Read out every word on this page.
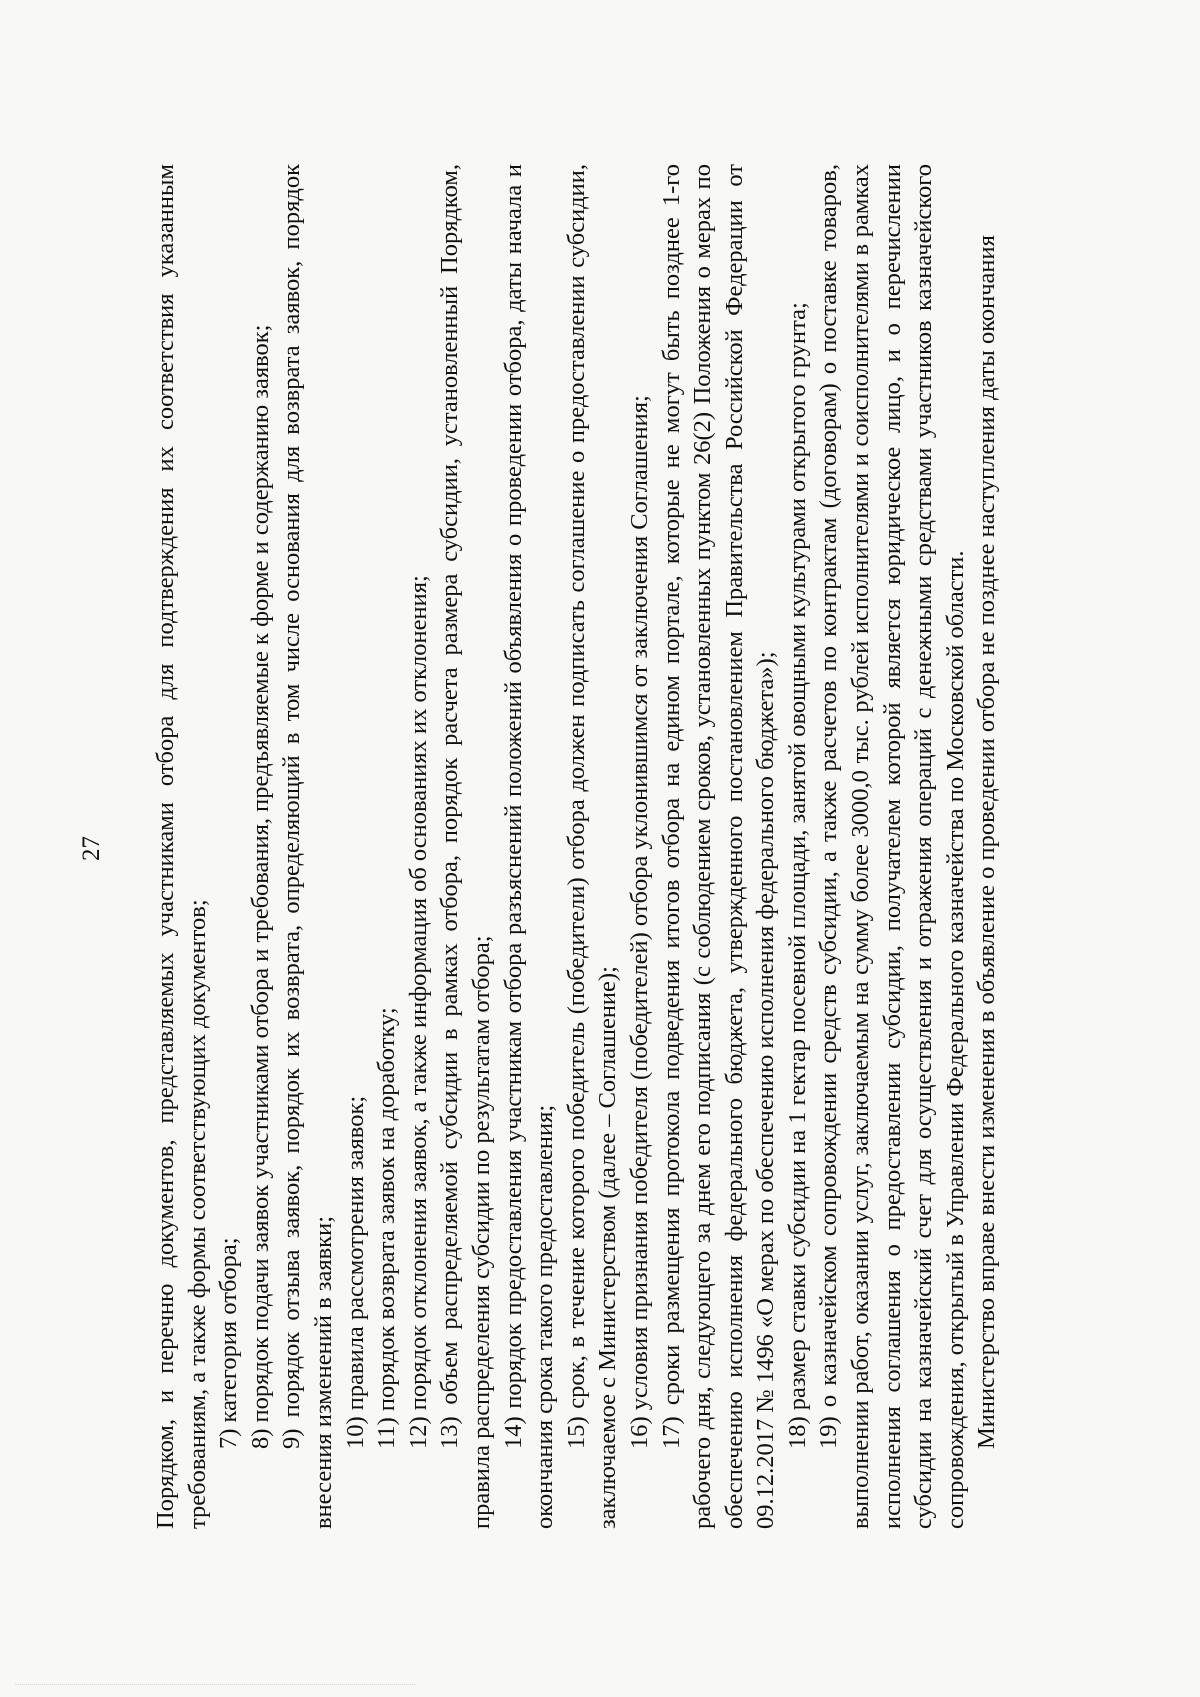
27 Порядком, и перечню документов, представляемых участниками отбора для подтверждения их соответствия указанным требованиям, а также формы соответствующих документов; 7) категория отбора; 8) порядок подачи заявок участниками отбора и требования, предъявляемые к форме и содержанию заявок; 9) порядок отзыва заявок, порядок их возврата, определяющий в том числе основания для возврата заявок, порядок внесения изменений в заявки; 10) правила рассмотрения заявок; 11) порядок возврата заявок на доработку; 12) порядок отклонения заявок, а также информация об основаниях их отклонения; 13) объем распределяемой субсидии в рамках отбора, порядок расчета размера субсидии, установленный Порядком, правила распределения субсидии по результатам отбора; 14) порядок предоставления участникам отбора разъяснений положений объявления о проведении отбора, даты начала и окончания срока такого предоставления; 15) срок, в течение которого победитель (победители) отбора должен подписать соглашение о предоставлении субсидии, заключаемое с Министерством (далее – Соглашение); 16) условия признания победителя (победителей) отбора уклонившимся от заключения Соглашения; 17) сроки размещения протокола подведения итогов отбора на едином портале, которые не могут быть позднее 1-го рабочего дня, следующего за днем его подписания (с соблюдением сроков, установленных пунктом 26(2) Положения о мерах по обеспечению исполнения федерального бюджета, утвержденного постановлением Правительства Российской Федерации от 09.12.2017 № 1496 «О мерах по обеспечению исполнения федерального бюджета»); 18) размер ставки субсидии на 1 гектар посевной площади, занятой овощными культурами открытого грунта; 19) о казначейском сопровождении средств субсидии, а также расчетов по контрактам (договорам) о поставке товаров, выполнении работ, оказании услуг, заключаемым на сумму более 3000,0 тыс. рублей исполнителями и соисполнителями в рамках исполнения соглашения о предоставлении субсидии, получателем которой является юридическое лицо, и о перечислении субсидии на казначейский счет для осуществления и отражения операций с денежными средствами участников казначейского сопровождения, открытый в Управлении Федерального казначейства по Московской области. Министерство вправе внести изменения в объявление о проведении отбора не позднее наступления даты окончания
